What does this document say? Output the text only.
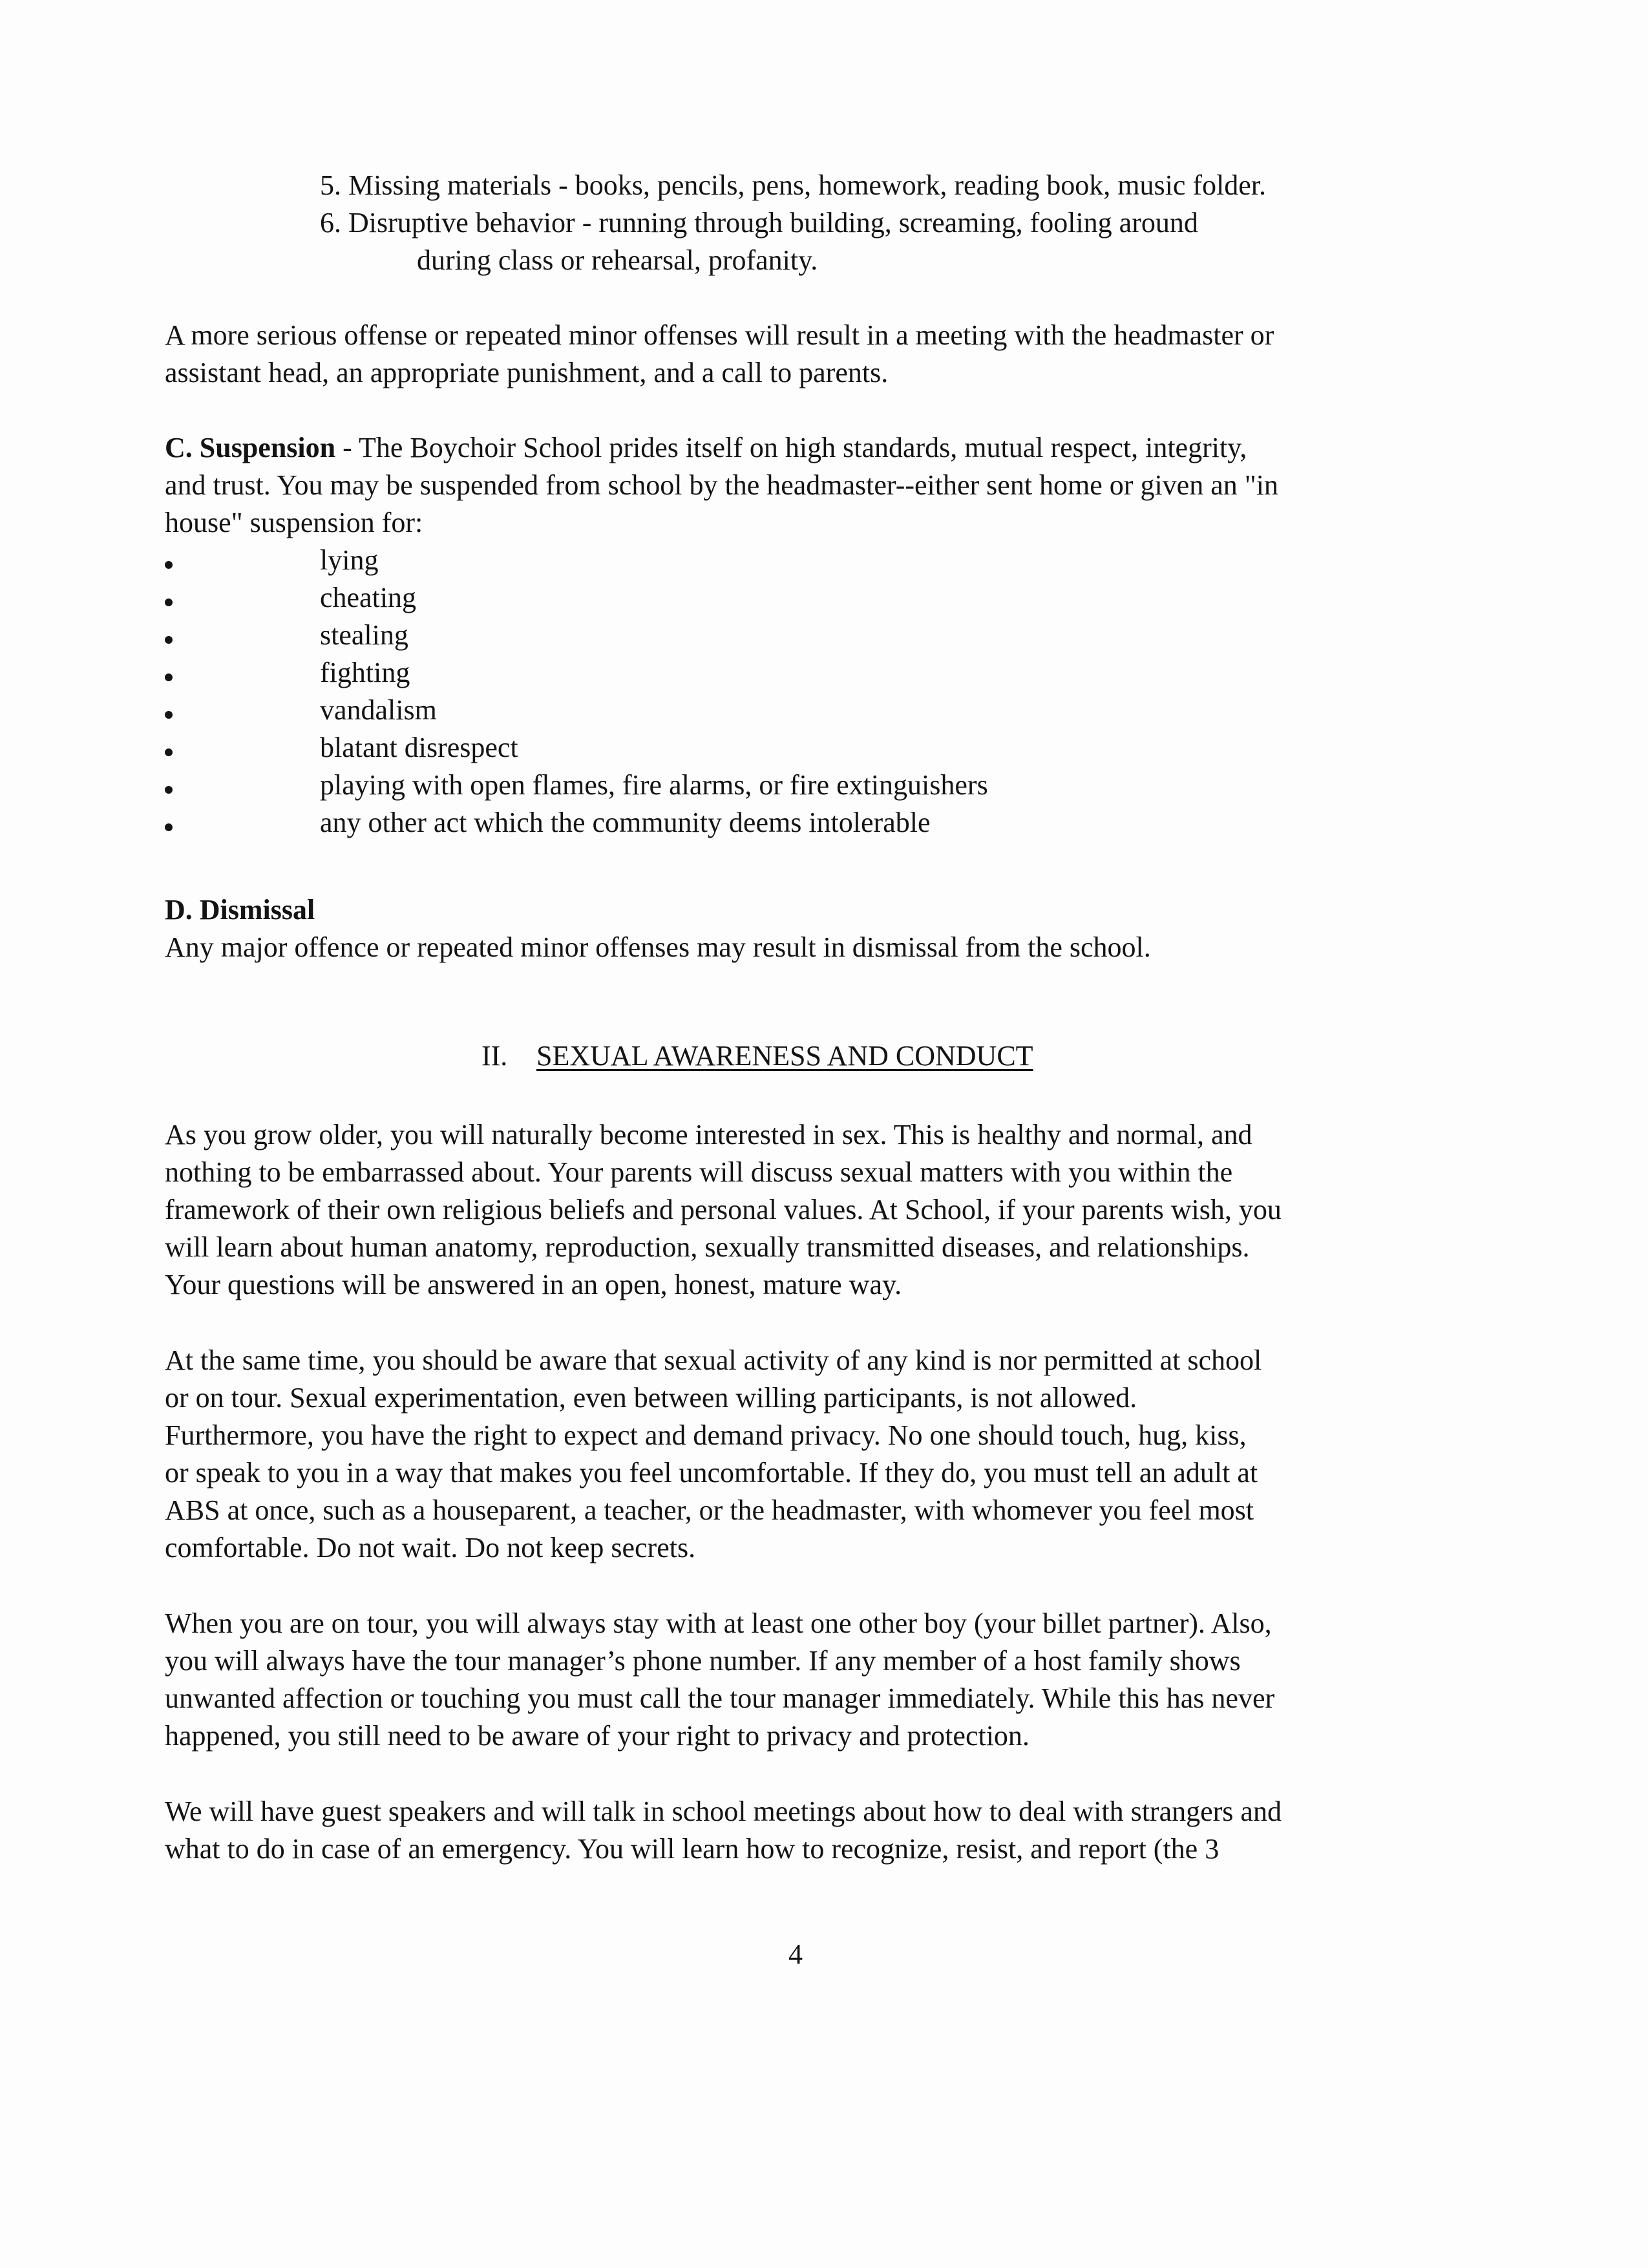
5. Missing materials - books, pencils, pens, homework, reading book, music folder.
6. Disruptive behavior - running through building, screaming, fooling around
during class or rehearsal, profanity.
A more serious offense or repeated minor offenses will result in a meeting with the headmaster or
assistant head, an appropriate punishment, and a call to parents.
C. Suspension - The Boychoir School prides itself on high standards, mutual respect, integrity,
and trust. You may be suspended from school by the headmaster--either sent home or given an "in
house" suspension for:
lying
cheating
stealing
fighting
vandalism
blatant disrespect
playing with open flames, fire alarms, or fire extinguishers
any other act which the community deems intolerable
D. Dismissal
Any major offence or repeated minor offenses may result in dismissal from the school.
II. SEXUAL AWARENESS AND CONDUCT
As you grow older, you will naturally become interested in sex. This is healthy and normal, and
nothing to be embarrassed about. Your parents will discuss sexual matters with you within the
framework of their own religious beliefs and personal values. At School, if your parents wish, you
will learn about human anatomy, reproduction, sexually transmitted diseases, and relationships.
Your questions will be answered in an open, honest, mature way.
At the same time, you should be aware that sexual activity of any kind is nor permitted at school
or on tour. Sexual experimentation, even between willing participants, is not allowed.
Furthermore, you have the right to expect and demand privacy. No one should touch, hug, kiss,
or speak to you in a way that makes you feel uncomfortable. If they do, you must tell an adult at
ABS at once, such as a houseparent, a teacher, or the headmaster, with whomever you feel most
comfortable. Do not wait. Do not keep secrets.
When you are on tour, you will always stay with at least one other boy (your billet partner). Also,
you will always have the tour manager’s phone number. If any member of a host family shows
unwanted affection or touching you must call the tour manager immediately. While this has never
happened, you still need to be aware of your right to privacy and protection.
We will have guest speakers and will talk in school meetings about how to deal with strangers and
what to do in case of an emergency. You will learn how to recognize, resist, and report (the 3
4
